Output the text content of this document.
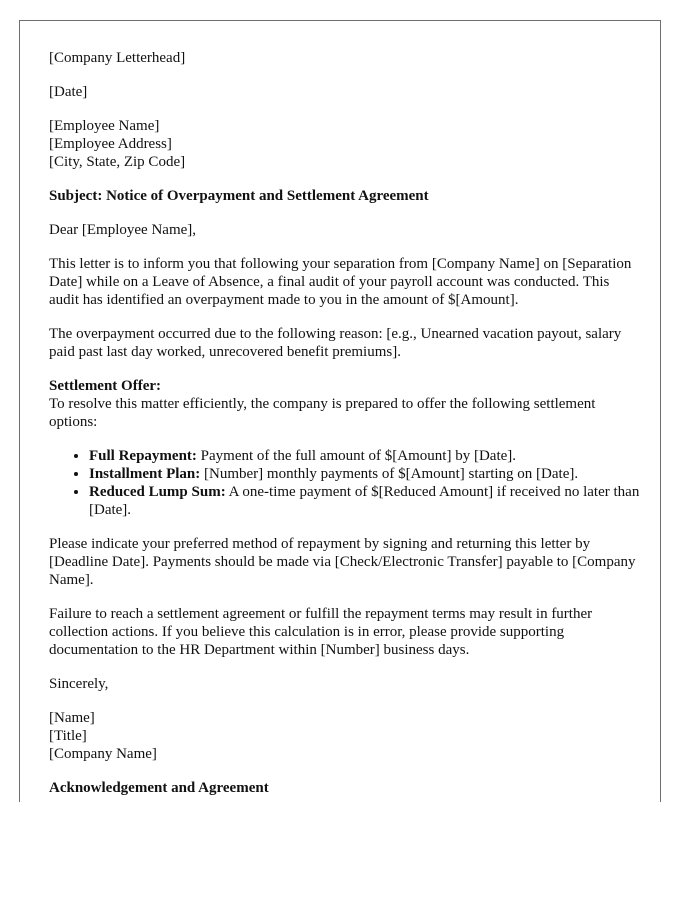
[Company Letterhead]

[Date]

[Employee Name]
[Employee Address]
[City, State, Zip Code]

Subject: Notice of Overpayment and Settlement Agreement

Dear [Employee Name],

This letter is to inform you that following your separation from [Company Name] on [Separation Date] while on a Leave of Absence, a final audit of your payroll account was conducted. This audit has identified an overpayment made to you in the amount of $[Amount].

The overpayment occurred due to the following reason: [e.g., Unearned vacation payout, salary paid past last day worked, unrecovered benefit premiums].

Settlement Offer:
To resolve this matter efficiently, the company is prepared to offer the following settlement options:
• Full Repayment: Payment of the full amount of $[Amount] by [Date].
• Installment Plan: [Number] monthly payments of $[Amount] starting on [Date].
• Reduced Lump Sum: A one-time payment of $[Reduced Amount] if received no later than [Date].

Please indicate your preferred method of repayment by signing and returning this letter by [Deadline Date]. Payments should be made via [Check/Electronic Transfer] payable to [Company Name].

Failure to reach a settlement agreement or fulfill the repayment terms may result in further collection actions. If you believe this calculation is in error, please provide supporting documentation to the HR Department within [Number] business days.

Sincerely,

[Name]
[Title]
[Company Name]

Acknowledgement and Agreement
